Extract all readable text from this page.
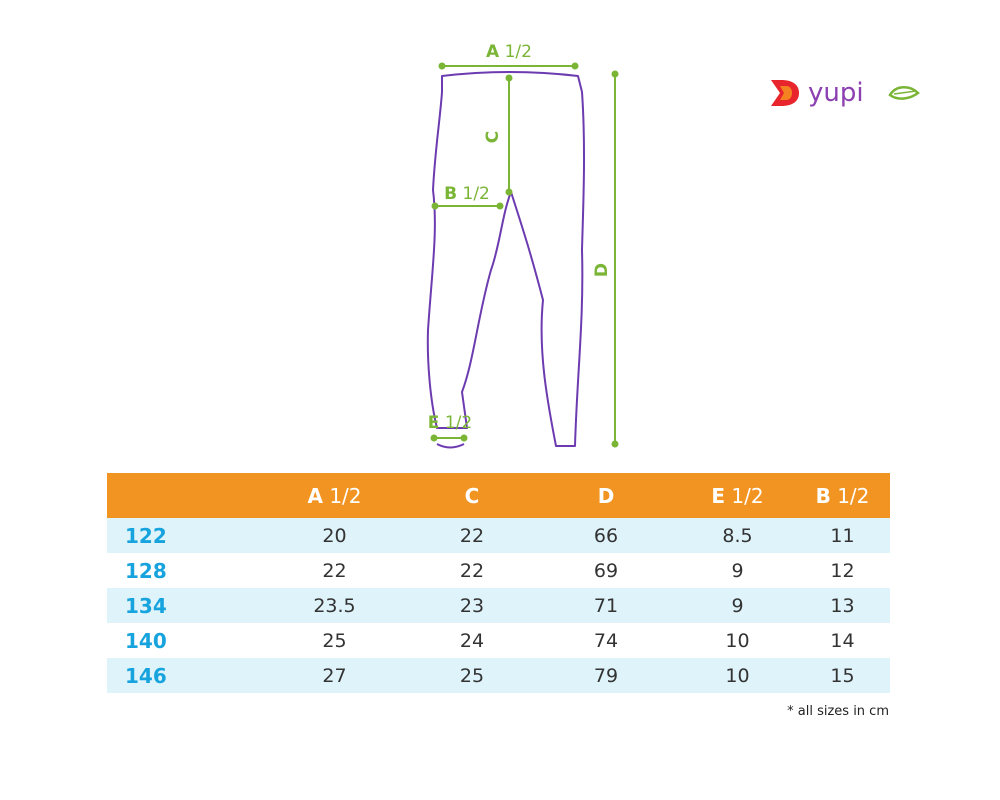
A 1/2
C
B 1/2
D
E 1/2
yupi
	A 1/2	C	D	E 1/2	B 1/2
122	20	22	66	8.5	11
128	22	22	69	9	12
134	23.5	23	71	9	13
140	25	24	74	10	14
146	27	25	79	10	15
* all sizes in cm
